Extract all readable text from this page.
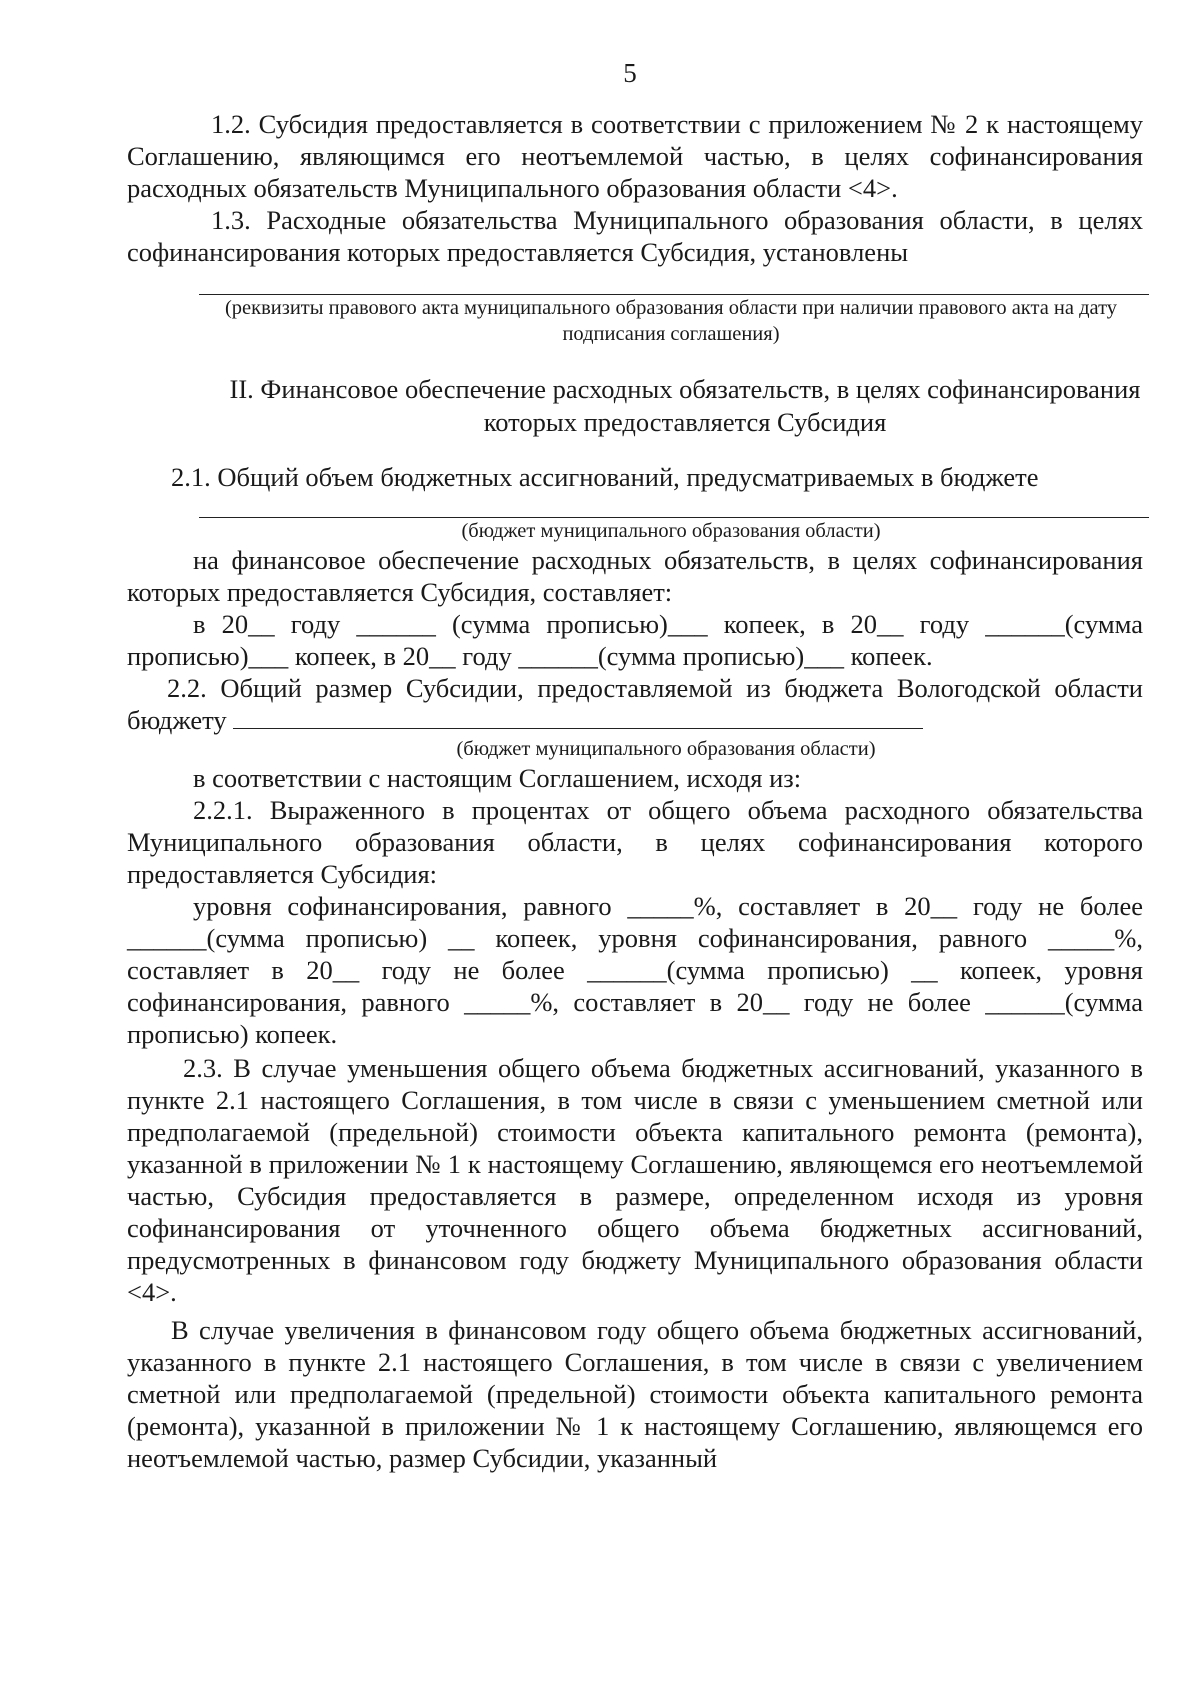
5

1.2. Субсидия предоставляется в соответствии с приложением № 2 к настоящему Соглашению, являющимся его неотъемлемой частью, в целях софинансирования расходных обязательств Муниципального образования области <4>.

1.3. Расходные обязательства Муниципального образования области, в целях софинансирования которых предоставляется Субсидия, установлены

(реквизиты правового акта муниципального образования области при наличии правового акта на дату подписания соглашения)
II. Финансовое обеспечение расходных обязательств, в целях софинансирования которых предоставляется Субсидия

2.1. Общий объем бюджетных ассигнований, предусматриваемых в бюджете

(бюджет муниципального образования области)

на финансовое обеспечение расходных обязательств, в целях софинансирования которых предоставляется Субсидия, составляет:

в 20__ году ______ (сумма прописью)___ копеек, в 20__ году ______(сумма прописью)___ копеек, в 20__ году ______(сумма прописью)___ копеек.

2.2. Общий размер Субсидии, предоставляемой из бюджета Вологодской области бюджету

(бюджет муниципального образования области)

в соответствии с настоящим Соглашением, исходя из:

2.2.1. Выраженного в процентах от общего объема расходного обязательства Муниципального образования области, в целях софинансирования которого предоставляется Субсидия:

уровня софинансирования, равного _____%, составляет в 20__ году не более ______(сумма прописью) __ копеек, уровня софинансирования, равного _____%, составляет в 20__ году не более ______(сумма прописью) __ копеек, уровня софинансирования, равного _____%, составляет в 20__ году не более ______(сумма прописью) копеек.

2.3. В случае уменьшения общего объема бюджетных ассигнований, указанного в пункте 2.1 настоящего Соглашения, в том числе в связи с уменьшением сметной или предполагаемой (предельной) стоимости объекта капитального ремонта (ремонта), указанной в приложении № 1 к настоящему Соглашению, являющемся его неотъемлемой частью, Субсидия предоставляется в размере, определенном исходя из уровня софинансирования от уточненного общего объема бюджетных ассигнований, предусмотренных в финансовом году бюджету Муниципального образования области <4>.

В случае увеличения в финансовом году общего объема бюджетных ассигнований, указанного в пункте 2.1 настоящего Соглашения, в том числе в связи с увеличением сметной или предполагаемой (предельной) стоимости объекта капитального ремонта (ремонта), указанной в приложении № 1 к настоящему Соглашению, являющемся его неотъемлемой частью, размер Субсидии, указанный
